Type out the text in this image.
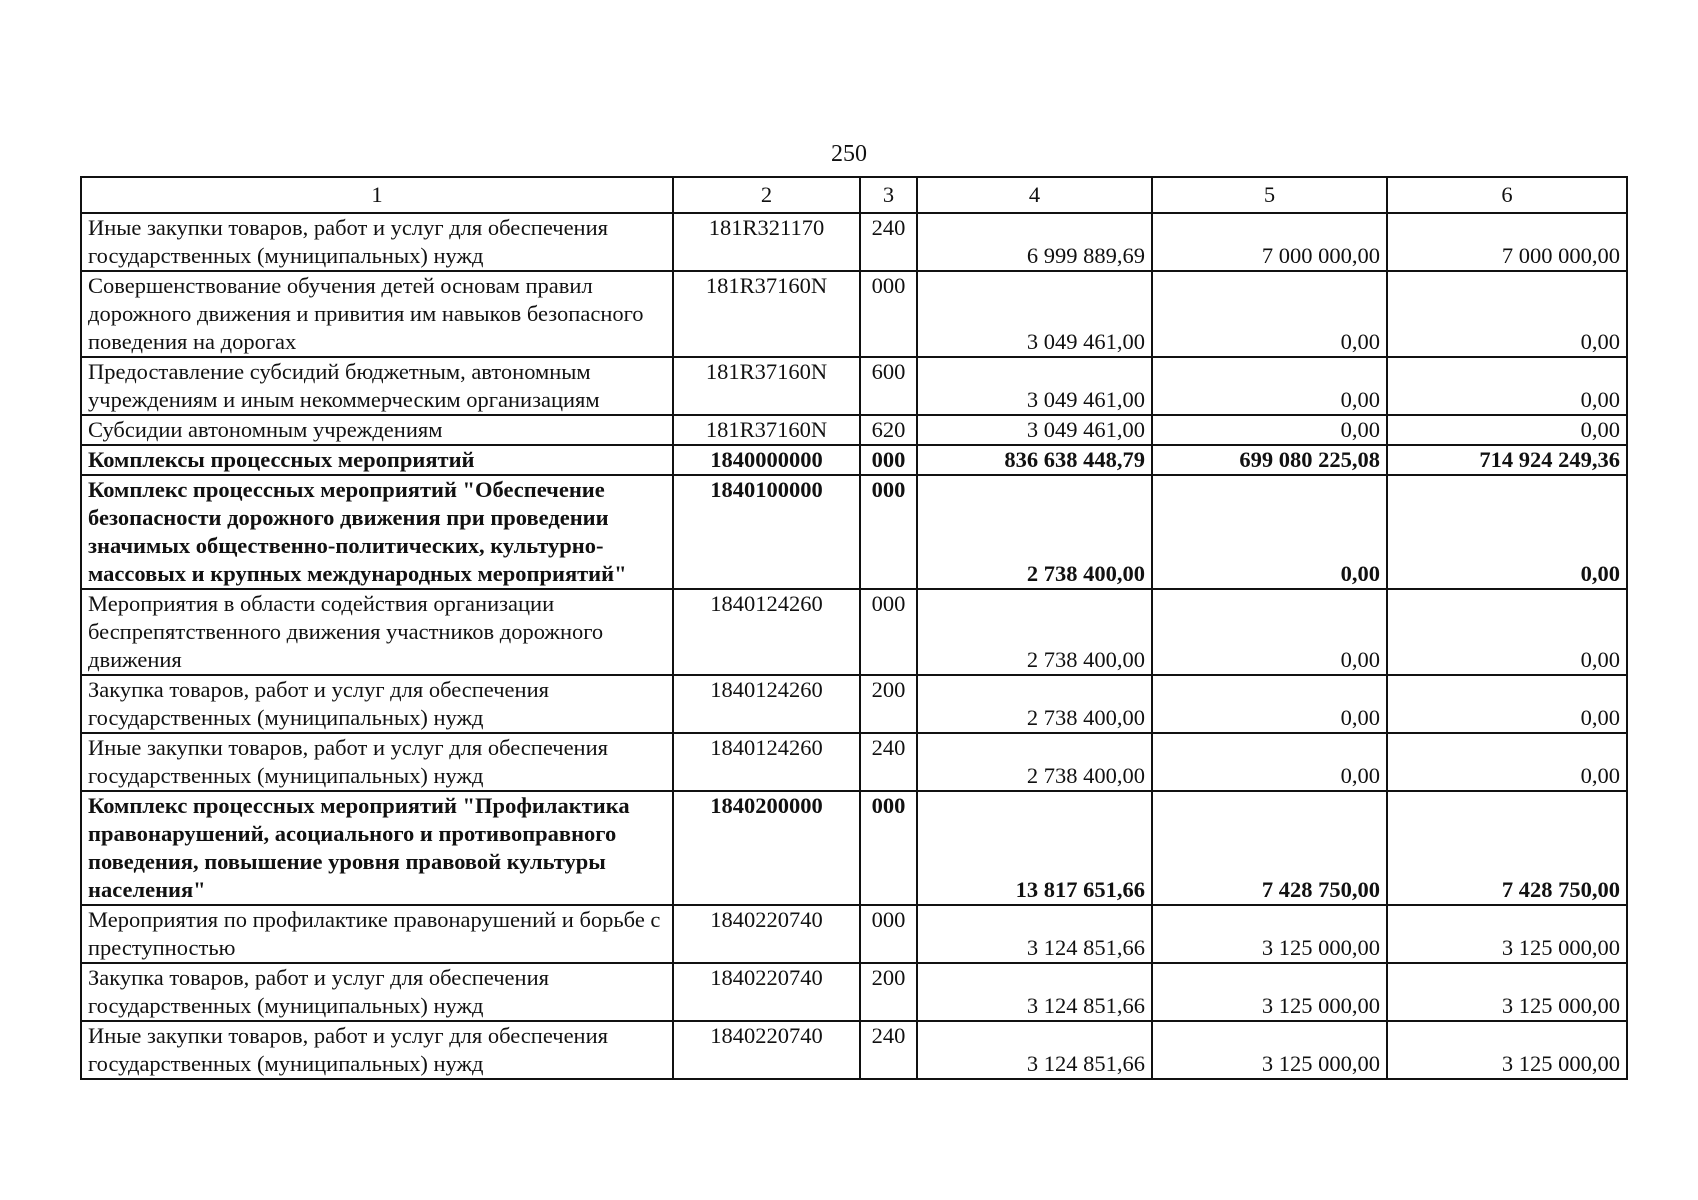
250
1	2	3	4	5	6
Иные закупки товаров, работ и услуг для обеспечения государственных (муниципальных) нужд	181R321170	240	6 999 889,69	7 000 000,00	7 000 000,00
Совершенствование обучения детей основам правил дорожного движения и привития им навыков безопасного поведения на дорогах	181R37160N	000	3 049 461,00	0,00	0,00
Предоставление субсидий бюджетным, автономным учреждениям и иным некоммерческим организациям	181R37160N	600	3 049 461,00	0,00	0,00
Субсидии автономным учреждениям	181R37160N	620	3 049 461,00	0,00	0,00
Комплексы процессных мероприятий	1840000000	000	836 638 448,79	699 080 225,08	714 924 249,36
Комплекс процессных мероприятий "Обеспечение безопасности дорожного движения при проведении значимых общественно-политических, культурно-массовых и крупных международных мероприятий"	1840100000	000	2 738 400,00	0,00	0,00
Мероприятия в области содействия организации беспрепятственного движения участников дорожного движения	1840124260	000	2 738 400,00	0,00	0,00
Закупка товаров, работ и услуг для обеспечения государственных (муниципальных) нужд	1840124260	200	2 738 400,00	0,00	0,00
Иные закупки товаров, работ и услуг для обеспечения государственных (муниципальных) нужд	1840124260	240	2 738 400,00	0,00	0,00
Комплекс процессных мероприятий "Профилактика правонарушений, асоциального и противоправного поведения, повышение уровня правовой культуры населения"	1840200000	000	13 817 651,66	7 428 750,00	7 428 750,00
Мероприятия по профилактике правонарушений и борьбе с преступностью	1840220740	000	3 124 851,66	3 125 000,00	3 125 000,00
Закупка товаров, работ и услуг для обеспечения государственных (муниципальных) нужд	1840220740	200	3 124 851,66	3 125 000,00	3 125 000,00
Иные закупки товаров, работ и услуг для обеспечения государственных (муниципальных) нужд	1840220740	240	3 124 851,66	3 125 000,00	3 125 000,00
